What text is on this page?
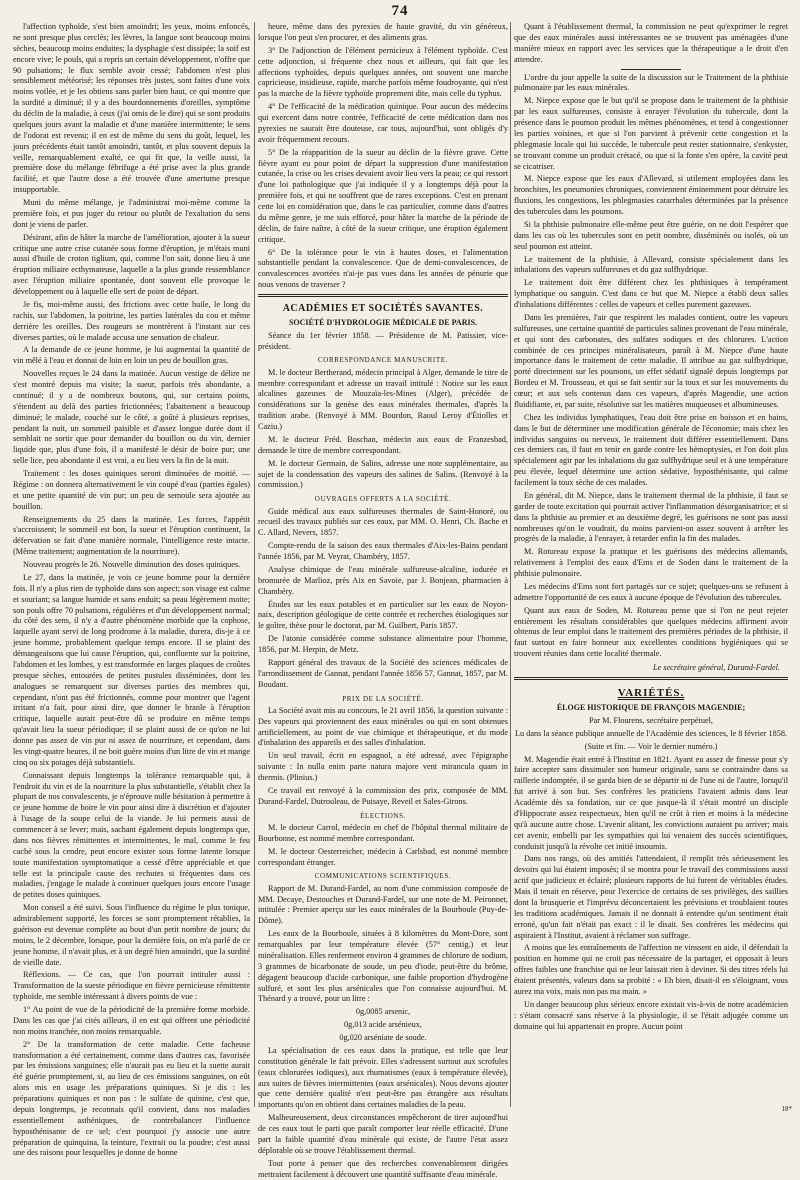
74

l'affection typhoïde, s'est bien amoindri; les yeux, moins enfoncés, ne sont presque plus cerclés; les lèvres, la langue sont beaucoup moins sèches, beaucoup moins enduites; la dysphagie s'est dissipée; la soif est encore vive; le pouls, qui a repris un certain développement, n'offre que 90 pulsations; le flux semble avoir cessé; l'abdomen n'est plus sensiblement météorisé; les réponses très justes, sont faites d'une voix moins voilée, et je les obtiens sans parler bien haut, ce qui montre que la surdité a diminué; il y a des bourdonnements d'oreilles, symptôme du déclin de la maladie, à ceux (j'ai omis de le dire) qui se sont produits quelques jours avant la maladie et d'une manière intermittente; le sens de l'odorat est revenu; il en est de même du sens du goût, lequel, les jours précédents était tantôt amoindri, tantôt, et plus souvent depuis la veille, remarquablement exalté, ce qui fit que, la veille aussi, la première dose du mélange fébrifuge a été prise avec la plus grande facilité, et que l'autre dose a été trouvée d'une amertume presque insupportable.

Muni du même mélange, je l'administrai moi-même comme la première fois, et pus juger du retour ou plutôt de l'exaltation du sens dont je viens de parler.

Désirant, afin de hâter la marche de l'amélioration, ajouter à la sueur critique une autre crise cutanée sous forme d'éruption, je m'étais muni aussi d'huile de croton tiglium, qui, comme l'on sait, donne lieu à une éruption miliaire ecthymateuse, laquelle a la plus grande ressemblance avec l'éruption miliaire spontanée, dont souvent elle provoque le développement ou à laquelle elle sert de point de départ.

Je fis, moi-même aussi, des frictions avec cette huile, le long du rachis, sur l'abdomen, la poitrine, les parties latérales du cou et même derrière les oreilles. Des rougeurs se montrèrent à l'instant sur ces diverses parties, où le malade accusa une sensation de chaleur.

A la demande de ce jeune homme, je lui augmentai la quantité de vin mêlé à l'eau et donnai de loin en loin un peu de bouillon gras.

Nouvelles reçues le 24 dans la matinée. Aucun vestige de délire ne s'est montré depuis ma visite; la sueur, parfois très abondante, a continué; il y a de nombreux boutons, qui, sur certains points, s'étendent au delà des parties frictionnées; l'abattement a beaucoup diminué; le malade, couché sur le côté, a goûté à plusieurs reprises, pendant la nuit, un sommeil paisible et d'assez longue durée dont il semblait ne sortir que pour demander du bouillon ou du vin, dernier liquide que, plus d'une fois, il a manifesté le désir de boire pur; une selle lice, peu abondante il est vrai, a eu lieu vers la fin de la nuit.

Traitement : les doses quiniques seront diminuées de moitié. — Régime : on donnera alternativement le vin coupé d'eau (parties égales) et une petite quantité de vin pur; un peu de semoule sera ajoutée au bouillon.

Renseignements du 25 dans la matinée. Les forces, l'appétit s'accroissent; le sommeil est bon, la sueur et l'éruption continuent, la défervation se fait d'une manière normale, l'intelligence reste intacte. (Même traitement; augmentation de la nourriture).

Nouveau progrès le 26. Nouvelle diminution des doses quiniques.

Le 27, dans la matinée, je vois ce jeune homme pour la dernière fois. Il n'y a plus rien de typhoïde dans son aspect; son visage est calme et souriant; sa langue humide et sans enduit; sa peau légèrement moite; son pouls offre 70 pulsations, régulières et d'un développement normal; du côté des sens, il n'y a d'autre phénomène morbide que la cophose, laquelle ayant servi de long prodrome à la maladie, durera, dis-je à ce jeune homme, probablement quelque temps encore. Il se plaint des démangeaisons que lui cause l'éruption, qui, confluente sur la poitrine, l'abdomen et les lombes, y est transformée en larges plaques de croûtes presque sèches, entourées de petites pustules disséminées, dont les analogues se remarquent sur diverses parties des membres qui, cependant, n'ont pas été frictionnés, comme pour montrer que l'agent irritant n'a fait, pour ainsi dire, que donner le branle à l'éruption critique, laquelle aurait peut-être dû se produire en même temps qu'avait lieu la sueur périodique; il se plaint aussi de ce qu'on ne lui donne pas assez de vin pur ni assez de nourriture, et cependant, dans les vingt-quatre heures, il ne boit guère moins d'un litre de vin et mange cinq ou six potages déjà substantiels.

Connaissant depuis longtemps la tolérance remarquable qui, à l'endroit du vin et de la nourriture la plus substantielle, s'établit chez la plupart de nos convalescents, je n'éprouve nulle hésitation à permettre à ce jeune homme de boire le vin pour ainsi dire à discrétion et d'ajouter à l'usage de la soupe celui de la viande. Je lui permets aussi de commencer à se lever; mais, sachant également depuis longtemps que, dans nos fièvres rémittentes et intermittentes, le mal, comme le feu caché sous la cendre, peut encore exister sous forme latente lorsque toute manifestation symptomatique a cessé d'être appréciable et que telle est la principale cause des rechutes si fréquentes dans ces maladies, j'engage le malade à continuer quelques jours encore l'usage de petites doses quiniques.

Mon conseil a été suivi. Sous l'influence du régime le plus tonique, admirablement supporté, les forces se sont promptement rétablies, la guérison est devenue complète au bout d'un petit nombre de jours; du moins, le 2 décembre, lorsque, pour la dernière fois, on m'a parlé de ce jeune homme, il n'avait plus, et à un degré bien amoindri, que la surdité de vieille date.

Réflexions. — Ce cas, que l'on pourrait intituler aussi : Transformation de la sueste périodique en fièvre pernicieuse rémittente typhoïde, me semble intéressant à divers points de vue :

1° Au point de vue de la périodicité de la première forme morbide. Dans les cas que j'ai cités ailleurs, il en est qui offrent une périodicité non moins tranchée, non moins remarquable.

2° De la transformation de cette maladie. Cette facheuse transformation a été certainement, comme dans d'autres cas, favorisée par les émissions sanguines; elle n'aurait pas eu lieu et la suette aurait été guérie promptement, si, au lieu de ces émissions sanguines, on eût alors mis en usage les préparations quiniques. Si je dis : les préparations quiniques et non pas : le sulfate de quinine, c'est que, depuis longtemps, je reconnais qu'il convient, dans nos maladies essentiellement asthéniques, de contrebalancer l'influence hyposthénisante de ce sel; c'est pourquoi j'y associe une autre préparation de quinquina, la teinture, l'extrait ou la poudre; c'est aussi une des raisons pour lesquelles je donne de bonne

heure, même dans des pyrexies de haute gravité, du vin généreux, lorsque l'on peut s'en procurer, et des aliments gras.

3° De l'adjonction de l'élément pernicieux à l'élément typhoïde. C'est cette adjonction, si fréquente chez nous et ailleurs, qui fait que les affections typhoïdes, depuis quelques années, ont souvent une marche capricieuse, insidieuse, rapide, marche parfois même foudroyante, qui n'est pas la marche de la fièvre typhoïde proprement dite, mais celle du typhus.

4° De l'efficacité de la médication quinique. Pour aucun des médecins qui exercent dans notre contrée, l'efficacité de cette médication dans nos pyrexies ne saurait être douteuse, car tous, aujourd'hui, sont obligés d'y avoir fréquemment recours.

5° De la réapparition de la sueur au déclin de la fièvre grave. Cette fièvre ayant eu pour point de départ la suppression d'une manifestation cutanée, la crise ou les crises devaient avoir lieu vers la peau; ce qui ressort d'une loi pathologique que j'ai indiquée il y a longtemps déjà pour la première fois, et qui ne souffrent que de rares exceptions. C'est en prenant cette loi en considération que, dans le cas particulier, comme dans d'autres du même genre, je me suis efforcé, pour hâter la marche de la période de déclin, de faire naître, à côté de la sueur critique, une éruption également critique.

6° De la tolérance pour le vin à hautes doses, et l'alimentation substantielle pendant la convalescence. Que de demi-convalescences, de convalescences avortées n'ai-je pas vues dans les années de pénurie que nous venons de traverser ?

ACADÉMIES ET SOCIÉTÉS SAVANTES.
SOCIÉTÉ D'HYDROLOGIE MÉDICALE DE PARIS.

Séance du 1er février 1858. — Présidence de M. Patissier, vice-président.

CORRESPONDANCE MANUSCRITE.

M. le docteur Bertherand, médecin principal à Alger, demande le titre de membre correspondant et adresse un travail intitulé : Notice sur les eaux alcalines gazeuses de Mouzaïa-les-Mines (Alger), précédée de considérations sur la genèse des eaux minérales thermales, d'après la tradition arabe. (Renvoyé à MM. Bourdon, Raoul Leroy d'Étiolles et Caziu.)

M. le docteur Fréd. Boschan, médecin aux eaux de Franzesbad, demande le titre de membre correspondant.

M. le docteur Germain, de Salins, adresse une note supplémentaire, au sujet de la condensation des vapeurs des salines de Salins. (Renvoyé à la commission.)

OUVRAGES OFFERTS A LA SOCIÉTÉ.

Guide médical aux eaux sulfureuses thermales de Saint-Honoré, ou recueil des travaux publiés sur ces eaux, par MM. O. Henri, Ch. Bache et C. Allard, Nevers, 1857.

Compte-rendu de la saison des eaux thermales d'Aix-les-Bains pendant l'année 1856, par M. Veyrat, Chambéry, 1857.

Analyse chimique de l'eau minérale sulfureuse-alcaline, iodurée et bromurée de Marlioz, près Aix en Savoie, par J. Bonjean, pharmacien à Chambéry.

Études sur les eaux potables et en particulier sur les eaux de Noyon-naix, description géologique de cette contrée et recherches étiologiques sur le goître, thèse pour le doctorat, par M. Guilbert, Paris 1857.

De l'atonie considérée comme substance alimentaire pour l'homme, 1856, par M. Herpin, de Metz.

Rapport général des travaux de la Société des sciences médicales de l'arrondissement de Gannat, pendant l'année 1856 57, Gannat, 1857, par M. Boudant.

PRIX DE LA SOCIÉTÉ.

La Société avait mis au concours, le 21 avril 1856, la question suivante : Des vapeurs qui proviennent des eaux minérales ou qui en sont obtenues artificiellement, au point de vue chimique et thérapeutique, et du mode d'inhalation des appareils et des salles d'inhalation.

Un seul travail, écrit en espagnol, a été adressé, avec l'épigraphe suivante : In nulla enim parte natura majore vent mirancula quam in thermis. (Plinius.)

Ce travail est renvoyé à la commission des prix, composée de MM. Durand-Fardel, Dutrouleau, de Puisaye, Reveil et Sales-Girons.

ÉLECTIONS.

M. le docteur Carrol, médecin en chef de l'hôpital thermal militaire de Bourbonne, est nommé membre correspondant.

M. le docteur Oesterreicher, médecin à Carlsbad, est nommé membre correspondant étranger.

COMMUNICATIONS SCIENTIFIQUES.

Rapport de M. Durand-Fardel, au nom d'une commission composée de MM. Decaye, Destouches et Durand-Fardel, sur une note de M. Peironnet, intitulée : Premier aperçu sur les eaux minérales de la Bourboule (Puy-de-Dôme).

Les eaux de la Bourboule, situées à 8 kilomètres du Mont-Dore, sont remarquables par leur température élevée (57° centig.) et leur minéralisation. Elles renferment environ 4 grammes de chlorure de sodium, 3 grammes de bicarbonate de soude, un peu d'iode, peut-être du brôme, dégagent beaucoup d'acide carbonique, une faible proportion d'hydrogène sulfuré, et sont les plus arsénicales que l'on connaisse aujourd'hui. M. Thénard y a trouvé, pour un litre :

0g,0085 arsenic,
0g,013 acide arsénieux,
0g,020 arséniate de soude.

La spécialisation de ces eaux dans la pratique, est telle que leur constitution générale le fait prévoir. Elles s'adressent surtout aux scrofules (eaux chlorurées iodiques), aux rhumatismes (eaux à température élevée), aux suites de fièvres intermittentes (eaux arsénicales). Nous devons ajouter que cette dernière qualité n'est peut-être pas étrangère aux résultats importants qu'on en obtient dans certaines maladies de la peau.

Malheureusement, deux circonstances empêcheront de tirer aujourd'hui de ces eaux tout le parti que paraît comporter leur réelle efficacité. D'une part la faible quantité d'eau minérale qui existe, de l'autre l'état assez déplorable où se trouve l'établissement thermal.

Tout porte à penser que des recherches convenablement dirigées mettraient facilement à découvert une quantité suffisante d'eau minérale.

Quant à l'établissement thermal, la commission ne peut qu'exprimer le regret que des eaux minérales aussi intéressantes ne se trouvent pas aménagées d'une manière mieux en rapport avec les services que la thérapeutique a le droit d'en attendre.

L'ordre du jour appelle la suite de la discussion sur le Traitement de la phthisie pulmonaire par les eaux minérales.

M. Niepce expose que le but qu'il se propose dans le traitement de la phthisie par les eaux sulfureuses, consiste à enrayer l'évolution du tubercule, dont la présence dans le poumon produit les mêmes phénomènes, et tend à congestionner les parties voisines, et que si l'on parvient à prévenir cette congestion et la phlegmasie locale qui lui succède, le tubercule peut rester stationnaire, s'enkyster, se trouvant comme un produit crétacé, ou que si la fonte s'en opère, la cavité peut se cicatriser.

M. Niepce expose que les eaux d'Allevard, si utilement employées dans les bronchites, les pneumonies chroniques, conviennent éminemment pour détruire les fluxions, les congestions, les phlegmasies catarrhales déterminées par la présence des tubercules dans les poumons.

Si la phthisie pulmonaire elle-même peut être guérie, on ne doit l'espérer que dans les cas où les tubercules sont en petit nombre, disséminés ou isolés, où un seul poumon est atteint.

Le traitement de la phthisie, à Allevard, consiste spécialement dans les inhalations des vapeurs sulfureuses et du gaz sulfhydrique.

Le traitement doit être différent chez les phthisiques à tempérament lymphatique ou sanguin. C'est dans ce but que M. Niepce a établi deux salles d'inhalations différentes : celles de vapeurs et celles purement gazeuses.

Dans les premières, l'air que respirent les malades contient, outre les vapeurs sulfureuses, une certaine quantité de particules salines provenant de l'eau minérale, et qui sont des carbonates, des sulfates sodiques et des chlorures. L'action combinée de ces principes minéralisateurs, paraît à M. Niepce d'une haute importance dans le traitement de cette maladie. Il attribue au gaz sulfhydrique, porté directement sur les poumons, un effet sédatif signalé depuis longtemps par Bordeu et M. Trousseau, et qui se fait sentir sur la toux et sur les mouvements du cœur; et aux sels contenus dans ces vapeurs, d'après Magendie, une action fluidifiante, et, par suite, résolutive sur les matières muqueuses et albumineuses.

Chez les individus lymphatiques, l'eau doit être prise en boisson et en bains, dans le but de déterminer une modification générale de l'économie; mais chez les individus sanguins ou nerveux, le traitement doit différer essentiellement. Dans ces derniers cas, il faut en tenir en garde contre les hémoptysies, et l'on doit plus spécialement agir par les inhalations du gaz sulfhydrique seul et à une température peu élevée, lequel détermine une action sédative, hyposthénisante, qui calme facilement la toux sèche de ces malades.

En général, dit M. Niepce, dans le traitement thermal de la phthisie, il faut se garder de toute excitation qui pourrait activer l'inflammation désorganisatrice; et si dans la phthisie au premier et au deuxième degré, les guérisons ne sont pas aussi nombreuses qu'on le voudrait, du moins parvient-on assez souvent à arrêter les progrès de la maladie, à l'enrayer, à retarder enfin la fin des malades.

M. Rotureau expose la pratique et les guérisons des médecins allemands, relativement à l'emploi des eaux d'Ems et de Soden dans le traitement de la phthisie pulmonaire.

Les médecins d'Ems sont fort partagés sur ce sujet; quelques-uns se refusent à admettre l'opportunité de ces eaux à aucune époque de l'évolution des tubercules.

Quant aux eaux de Soden, M. Rotureau pense que si l'on ne peut rejeter entièrement les résultats considérables que quelques médecins affirment avoir obtenus de leur emploi dans le traitement des premières périodes de la phthisie, il faut surtout en faire honneur aux excellentes conditions hygiéniques qui se trouvent réunies dans cette localité thermale.

Le secrétaire général, Durand-Fardel.
VARIÉTÉS.
ÉLOGE HISTORIQUE DE FRANÇOIS MAGENDIE;
Par M. Flourens, secrétaire perpétuel,
Lu dans la séance publique annuelle de l'Académie des sciences, le 8 février 1858.
(Suite et fin. — Voir le dernier numéro.)

M. Magendie était entré à l'Institut en 1821. Ayant eu assez de finesse pour s'y faire accepter sans dissimuler son humeur originale, sans se contraindre dans sa raillerie indomptée, il se garda bien de se départir ni de l'une ni de l'autre, lorsqu'il fut arrivé à son but. Ses confrères les praticiens l'avaient admis dans leur Académie dès sa fondation, sur ce que jusque-là il s'était montré un disciple d'Hippocrate assez respectueux, bien qu'il ne crût à rien et moins à la médecine qu'à aucune autre chose. L'avenir alitant, les convictions auraient pu arriver; mais cet avenir, embelli par les sympathies qui lui venaient des succès scientifiques, conduisit jusqu'à la révolte cet initié insoumis.

Dans nos rangs, où des amitiés l'attendaient, il remplit très sérieusement les devoirs qui lui étaient imposés; il se montra pour le travail des commissions aussi actif que judicieux et éclairé; plusieurs rapports de lui furent de véritables études. Mais il tenait en réserve, pour l'exercice de certains de ses privilèges, des saillies dont la brusquerie et l'imprévu déconcertaient les prévisions et troublaient toutes les traditions académiques. Jamais il ne donnait à entendre qu'un sentiment était erroné, qu'un fait n'était pas exact : il le disait. Ses confrères les médecins qui aspiraient à l'Institut, avaient à réclamer son suffrage.

A moins que les entraînements de l'affection ne vinssent en aide, il défendait la position en homme qui ne croit pas nécessaire de la partager, et opposait à leurs offres faibles une franchise qui ne leur laissait rien à deviner. Si des titres réels lui étaient présentés, valeurs dans sa probité : « Eh bien, disait-il en s'éloignant, vous aurez ma voix, mais non pas ma main. »

Un danger beaucoup plus sérieux encore existait vis-à-vis de notre académicien : s'étant consacré sans réserve à la physiologie, il se l'était adjugée comme un domaine qui lui appartenait en propre. Aucun point

18*
